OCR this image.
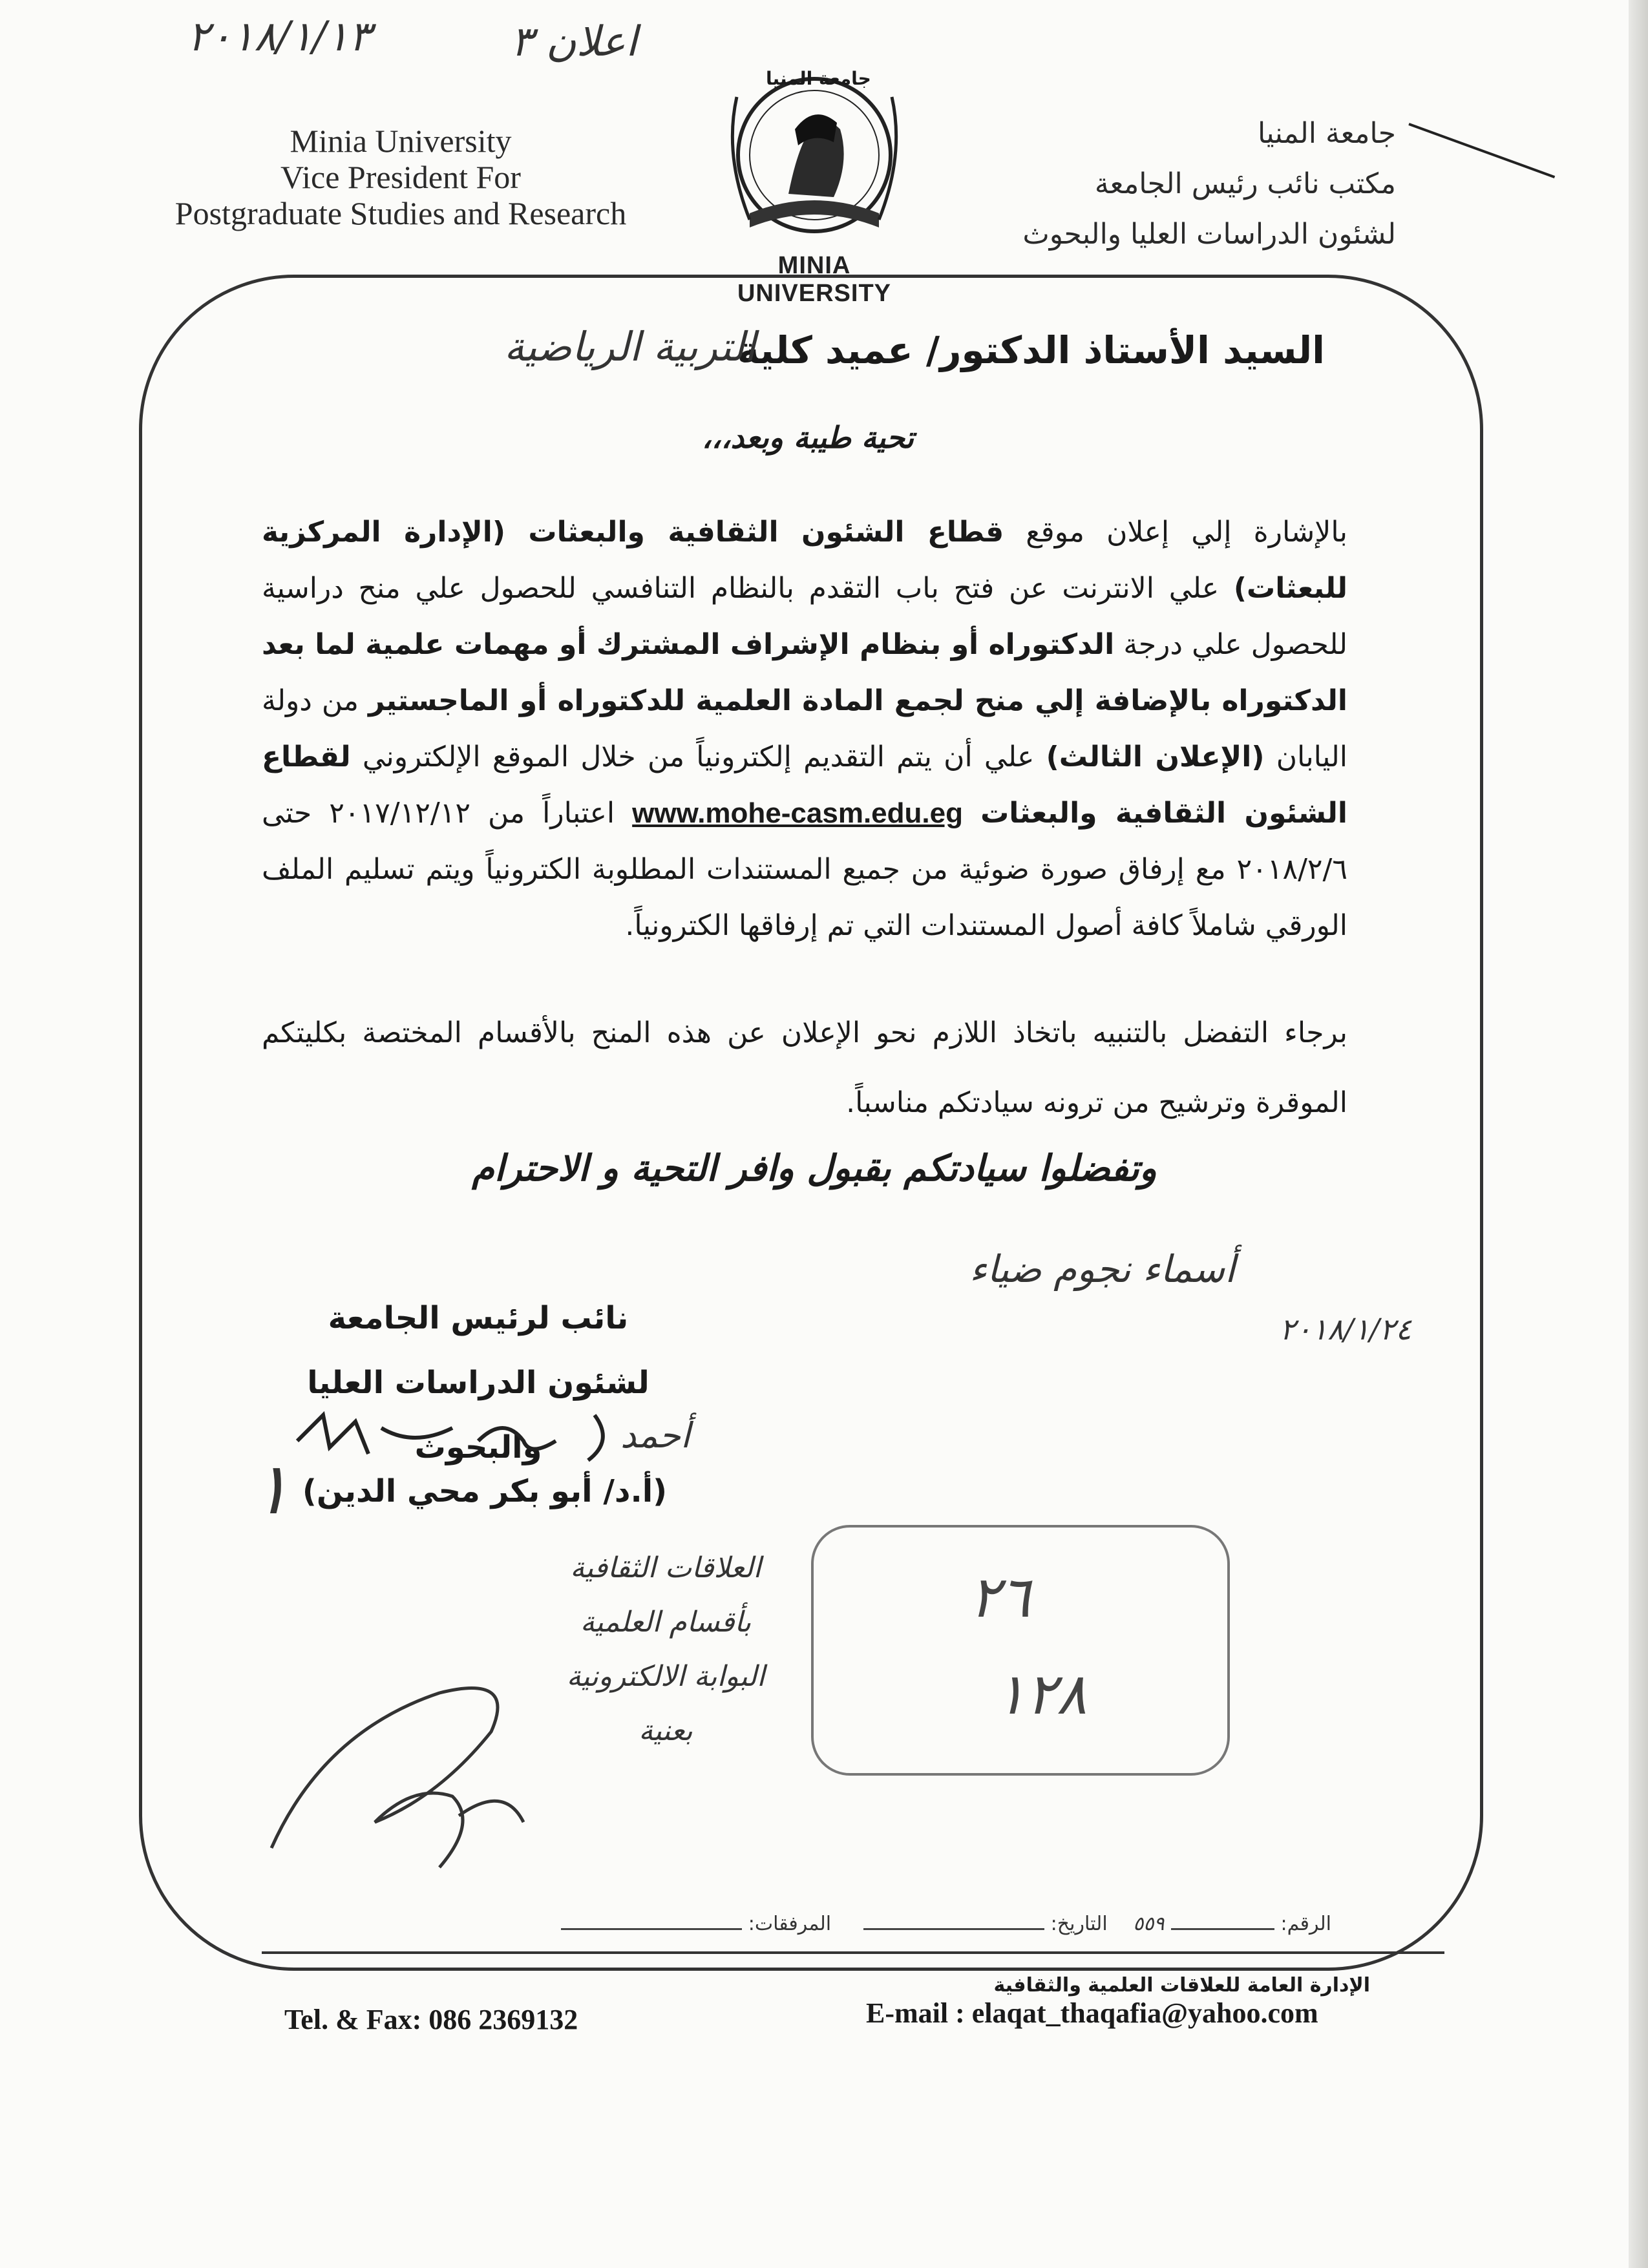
٢٠١٨/١/١٣	اعلان ٣
Minia University
Vice President For
Postgraduate Studies and Research
جامعة المنيا
MINIA UNIVERSITY
جامعة المنيا
مكتب نائب رئيس الجامعة
لشئون الدراسات العليا والبحوث
السيد الأستاذ الدكتور/ عميد كلية
التربية الرياضية
تحية طيبة وبعد،،،
بالإشارة إلي إعلان موقع قطاع الشئون الثقافية والبعثات (الإدارة المركزية للبعثات) علي الانترنت عن فتح باب التقدم بالنظام التنافسي للحصول علي منح دراسية للحصول علي درجة الدكتوراه أو بنظام الإشراف المشترك أو مهمات علمية لما بعد الدكتوراه بالإضافة إلي منح لجمع المادة العلمية للدكتوراه أو الماجستير من دولة اليابان (الإعلان الثالث) علي أن يتم التقديم إلكترونياً من خلال الموقع الإلكتروني لقطاع الشئون الثقافية والبعثات www.mohe-casm.edu.eg اعتباراً من ٢٠١٧/١٢/١٢ حتى ٢٠١٨/٢/٦ مع إرفاق صورة ضوئية من جميع المستندات المطلوبة الكترونياً ويتم تسليم الملف الورقي شاملاً كافة أصول المستندات التي تم إرفاقها الكترونياً.
برجاء التفضل بالتنبيه باتخاذ اللازم نحو الإعلان عن هذه المنح بالأقسام المختصة بكليتكم الموقرة وترشيح من ترونه سيادتكم مناسباً.
وتفضلوا سيادتكم بقبول وافر التحية و الاحترام
أسماء نجوم ضياء
٢٠١٨/١/٢٤
نائب لرئيس الجامعة
لشئون الدراسات العليا والبحوث	أحمد
(أ.د/ أبو بكر محي الدين)
١
العلاقات الثقافية
بأقسام العلمية
البوابة الالكترونية
بعنية
٢٦
١٢٨
الرقم:٥٥٩ التاريخ: المرفقات:
الإدارة العامة للعلاقات العلمية والثقافية
Tel. & Fax: 086 2369132	E-mail : elaqat_thaqafia@yahoo.com
